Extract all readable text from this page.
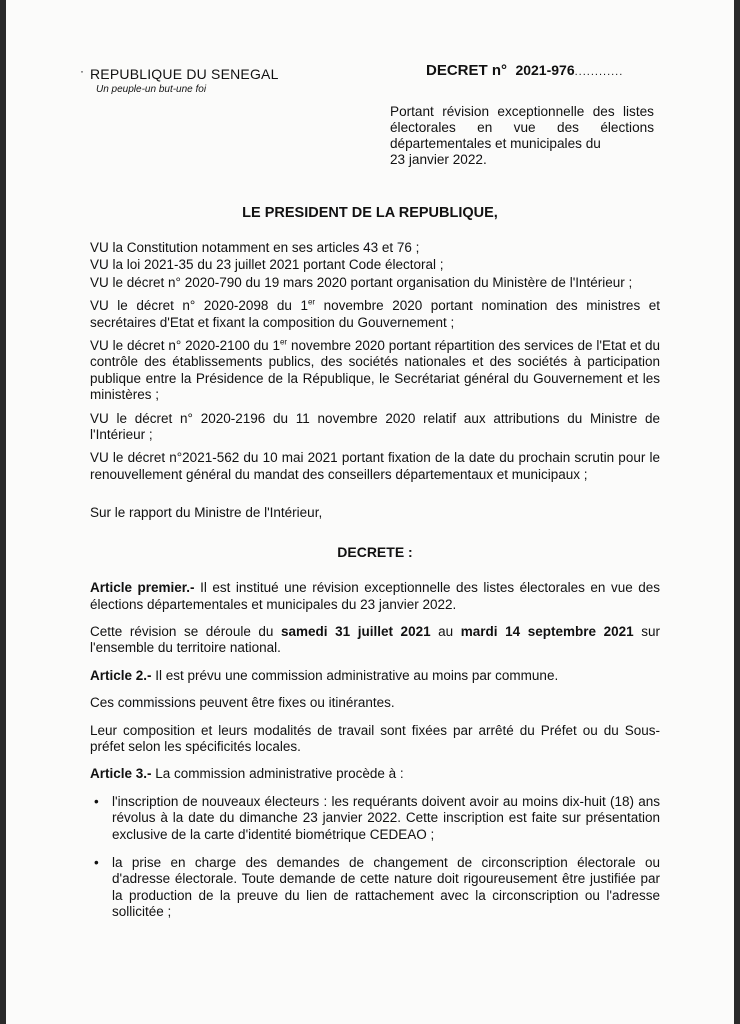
· REPUBLIQUE DU SENEGAL
Un peuple-un but-une foi
DECRET n° 2021-976............
Portant révision exceptionnelle des listes électorales en vue des élections départementales et municipales du
23 janvier 2022.
LE PRESIDENT DE LA REPUBLIQUE,

VU la Constitution notamment en ses articles 43 et 76 ;

VU la loi 2021-35 du 23 juillet 2021 portant Code électoral ;

VU le décret n° 2020-790 du 19 mars 2020 portant organisation du Ministère de l'Intérieur ;

VU le décret n° 2020-2098 du 1er novembre 2020 portant nomination des ministres et secrétaires d'Etat et fixant la composition du Gouvernement ;

VU le décret n° 2020-2100 du 1er novembre 2020 portant répartition des services de l'Etat et du contrôle des établissements publics, des sociétés nationales et des sociétés à participation publique entre la Présidence de la République, le Secrétariat général du Gouvernement et les ministères ;

VU le décret n° 2020-2196 du 11 novembre 2020 relatif aux attributions du Ministre de l'Intérieur ;

VU le décret n°2021-562 du 10 mai 2021 portant fixation de la date du prochain scrutin pour le renouvellement général du mandat des conseillers départementaux et municipaux ;

Sur le rapport du Ministre de l'Intérieur,

DECRETE :

Article premier.- Il est institué une révision exceptionnelle des listes électorales en vue des élections départementales et municipales du 23 janvier 2022.

Cette révision se déroule du samedi 31 juillet 2021 au mardi 14 septembre 2021 sur l'ensemble du territoire national.

Article 2.- Il est prévu une commission administrative au moins par commune.

Ces commissions peuvent être fixes ou itinérantes.

Leur composition et leurs modalités de travail sont fixées par arrêté du Préfet ou du Sous-préfet selon les spécificités locales.

Article 3.- La commission administrative procède à :

• l'inscription de nouveaux électeurs : les requérants doivent avoir au moins dix-huit (18) ans révolus à la date du dimanche 23 janvier 2022. Cette inscription est faite sur présentation exclusive de la carte d'identité biométrique CEDEAO ;
• la prise en charge des demandes de changement de circonscription électorale ou d'adresse électorale. Toute demande de cette nature doit rigoureusement être justifiée par la production de la preuve du lien de rattachement avec la circonscription ou l'adresse sollicitée ;
